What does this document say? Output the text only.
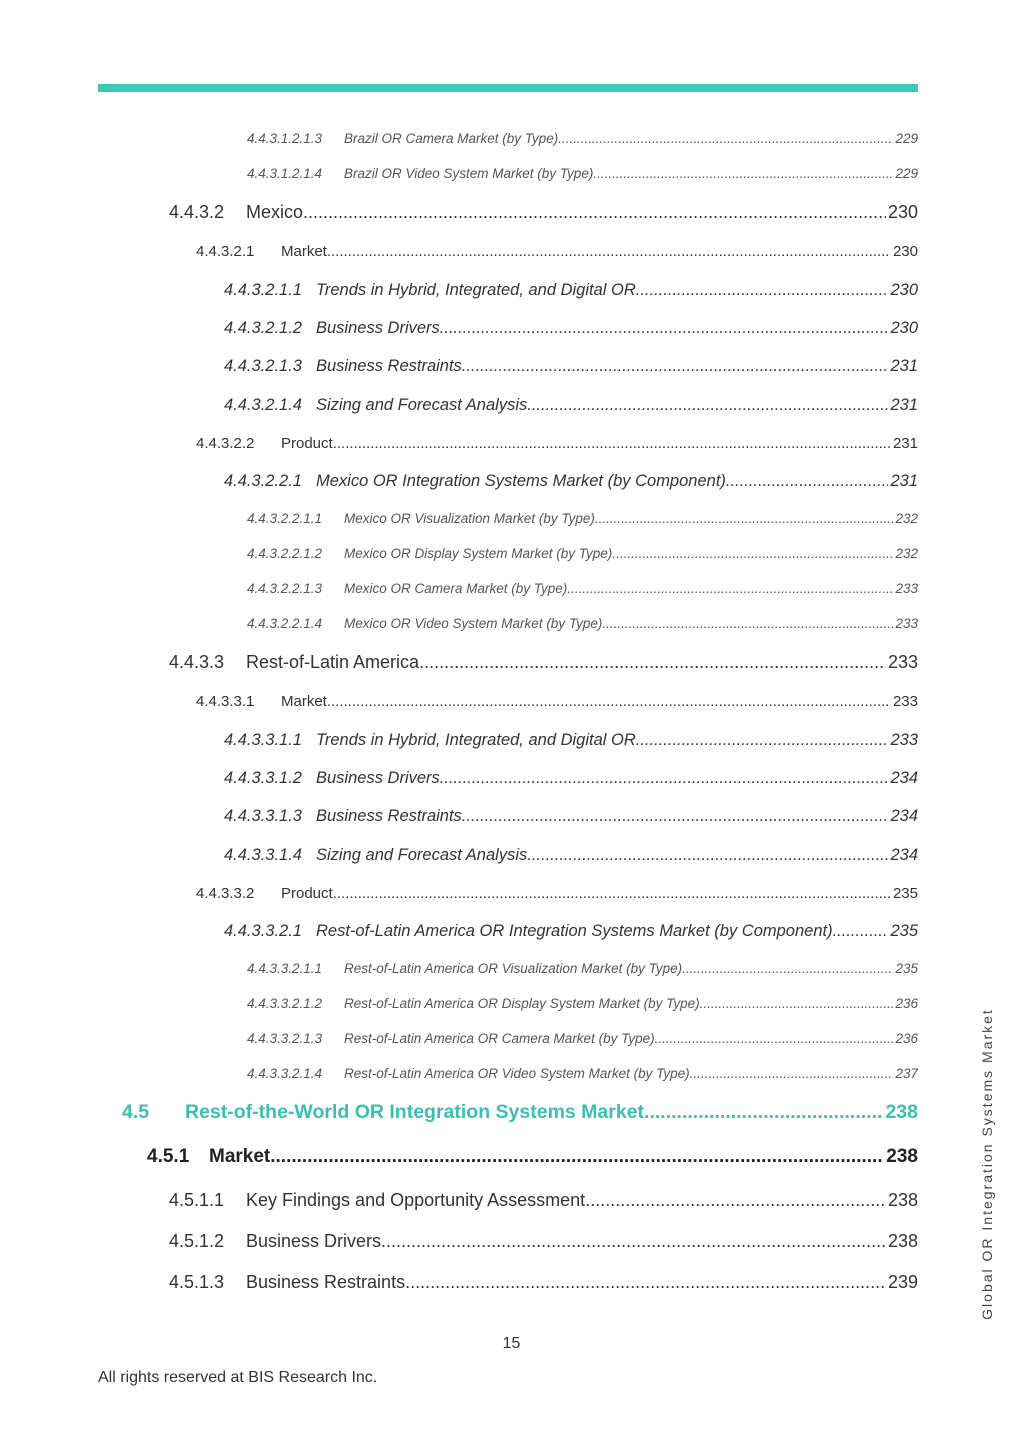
4.4.3.1.2.1.3	Brazil OR Camera Market (by Type) .....	229
4.4.3.1.2.1.4	Brazil OR Video System Market (by Type) .....	229
4.4.3.2	Mexico .....	230
4.4.3.2.1	Market .....	230
4.4.3.2.1.1 Trends in Hybrid, Integrated, and Digital OR .....	230
4.4.3.2.1.2 Business Drivers .....	230
4.4.3.2.1.3 Business Restraints .....	231
4.4.3.2.1.4 Sizing and Forecast Analysis .....	231
4.4.3.2.2	Product .....	231
4.4.3.2.2.1 Mexico OR Integration Systems Market (by Component) .....	231
4.4.3.2.2.1.1	Mexico OR Visualization Market (by Type) .....	232
4.4.3.2.2.1.2	Mexico OR Display System Market (by Type) .....	232
4.4.3.2.2.1.3	Mexico OR Camera Market (by Type) .....	233
4.4.3.2.2.1.4	Mexico OR Video System Market (by Type) .....	233
4.4.3.3	Rest-of-Latin America .....	233
4.4.3.3.1	Market .....	233
4.4.3.3.1.1 Trends in Hybrid, Integrated, and Digital OR .....	233
4.4.3.3.1.2 Business Drivers .....	234
4.4.3.3.1.3 Business Restraints .....	234
4.4.3.3.1.4 Sizing and Forecast Analysis .....	234
4.4.3.3.2	Product .....	235
4.4.3.3.2.1 Rest-of-Latin America OR Integration Systems Market (by Component) .....	235
4.4.3.3.2.1.1	Rest-of-Latin America OR Visualization Market (by Type) .....	235
4.4.3.3.2.1.2	Rest-of-Latin America OR Display System Market (by Type) .....	236
4.4.3.3.2.1.3	Rest-of-Latin America OR Camera Market (by Type) .....	236
4.4.3.3.2.1.4	Rest-of-Latin America OR Video System Market (by Type) .....	237
4.5	Rest-of-the-World OR Integration Systems Market .....	238
4.5.1	Market .....	238
4.5.1.1	Key Findings and Opportunity Assessment .....	238
4.5.1.2	Business Drivers .....	238
4.5.1.3	Business Restraints .....	239	Global OR Integration Systems Market
15
All rights reserved at BIS Research Inc.
